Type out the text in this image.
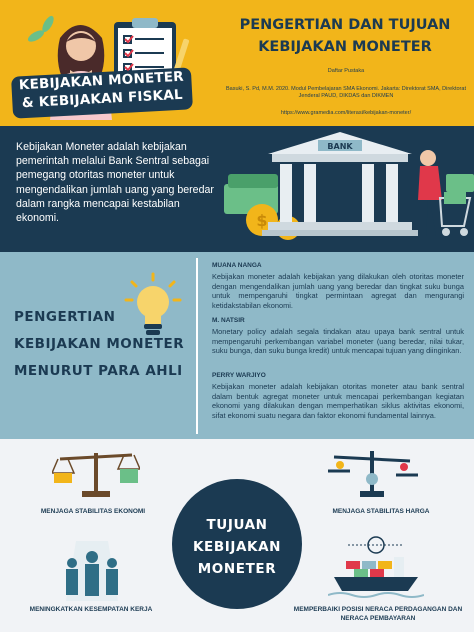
KEBIJAKAN MONETER
& KEBIJAKAN FISKAL
PENGERTIAN DAN TUJUAN
KEBIJAKAN MONETER
Daftar Pustaka
Basuki, S. Pd, M.M. 2020. Modul Pembelajaran SMA Ekonomi. Jakarta: Direktorat SMA, Direktorat Jenderal PAUD, DIKDAS dan DIKMEN
https://www.gramedia.com/literasi/kebijakan-moneter/

Kebijakan Moneter adalah kebijakan pemerintah melalui Bank Sentral sebagai pemegang otoritas moneter untuk mengendalikan jumlah uang yang beredar dalam rangka mencapai kestabilan ekonomi.	$
BANK
PENGERTIAN
KEBIJAKAN MONETER
MENURUT PARA AHLI
MUANA NANGA

Kebijakan moneter adalah kebijakan yang dilakukan oleh otoritas moneter dengan mengendalikan jumlah uang yang beredar dan tingkat suku bunga untuk mempengaruhi tingkat permintaan agregat dan mengurangi ketidakstabilan ekonomi.

M. NATSIR

Monetary policy adalah segala tindakan atau upaya bank sentral untuk mempengaruhi perkembangan variabel moneter (uang beredar, nilai tukar, suku bunga, dan suku bunga kredit) untuk mencapai tujuan yang diinginkan.

PERRY WARJIYO

Kebijakan moneter adalah kebijakan otoritas moneter atau bank sentral dalam bentuk agregat moneter untuk mencapai perkembangan kegiatan ekonomi yang dilakukan dengan memperhatikan siklus aktivitas ekonomi, sifat ekonomi suatu negara dan faktor ekonomi fundamental lainnya.

MENJAGA STABILITAS EKONOMI	MENJAGA STABILITAS HARGA
TUJUAN
KEBIJAKAN
MONETER
MENINGKATKAN KESEMPATAN KERJA	MEMPERBAIKI POSISI NERACA PERDAGANGAN DAN NERACA PEMBAYARAN
